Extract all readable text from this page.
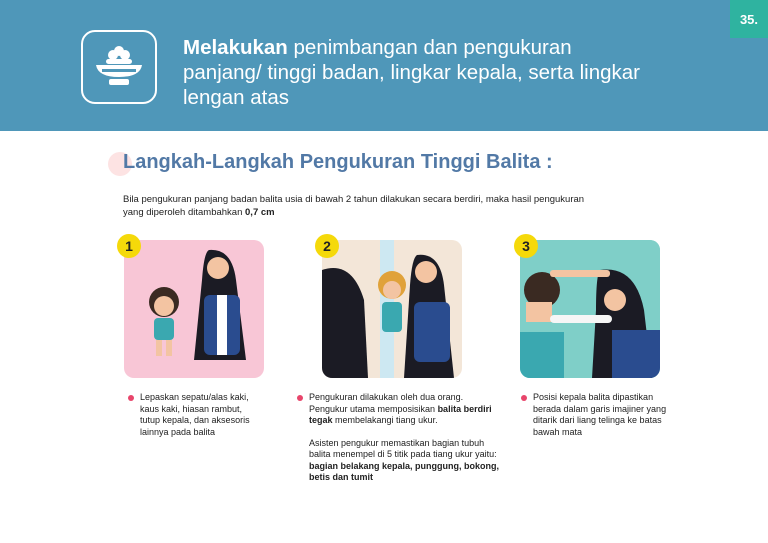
Melakukan penimbangan dan pengukuran panjang/ tinggi badan, lingkar kepala, serta lingkar lengan atas
35.
Langkah-Langkah Pengukuran Tinggi Balita :
Bila pengukuran panjang badan balita usia di bawah 2 tahun dilakukan secara berdiri, maka hasil pengukuran yang diperoleh ditambahkan 0,7 cm
1
Lepaskan sepatu/alas kaki, kaus kaki, hiasan rambut, tutup kepala, dan aksesoris lainnya pada balita
2

Pengukuran dilakukan oleh dua orang. Pengukur utama memposisikan balita berdiri tegak membelakangi tiang ukur.

Asisten pengukur memastikan bagian tubuh balita menempel di 5 titik pada tiang ukur yaitu: bagian belakang kepala, punggung, bokong, betis dan tumit

3
Posisi kepala balita dipastikan berada dalam garis imajiner yang ditarik dari liang telinga ke batas bawah mata
